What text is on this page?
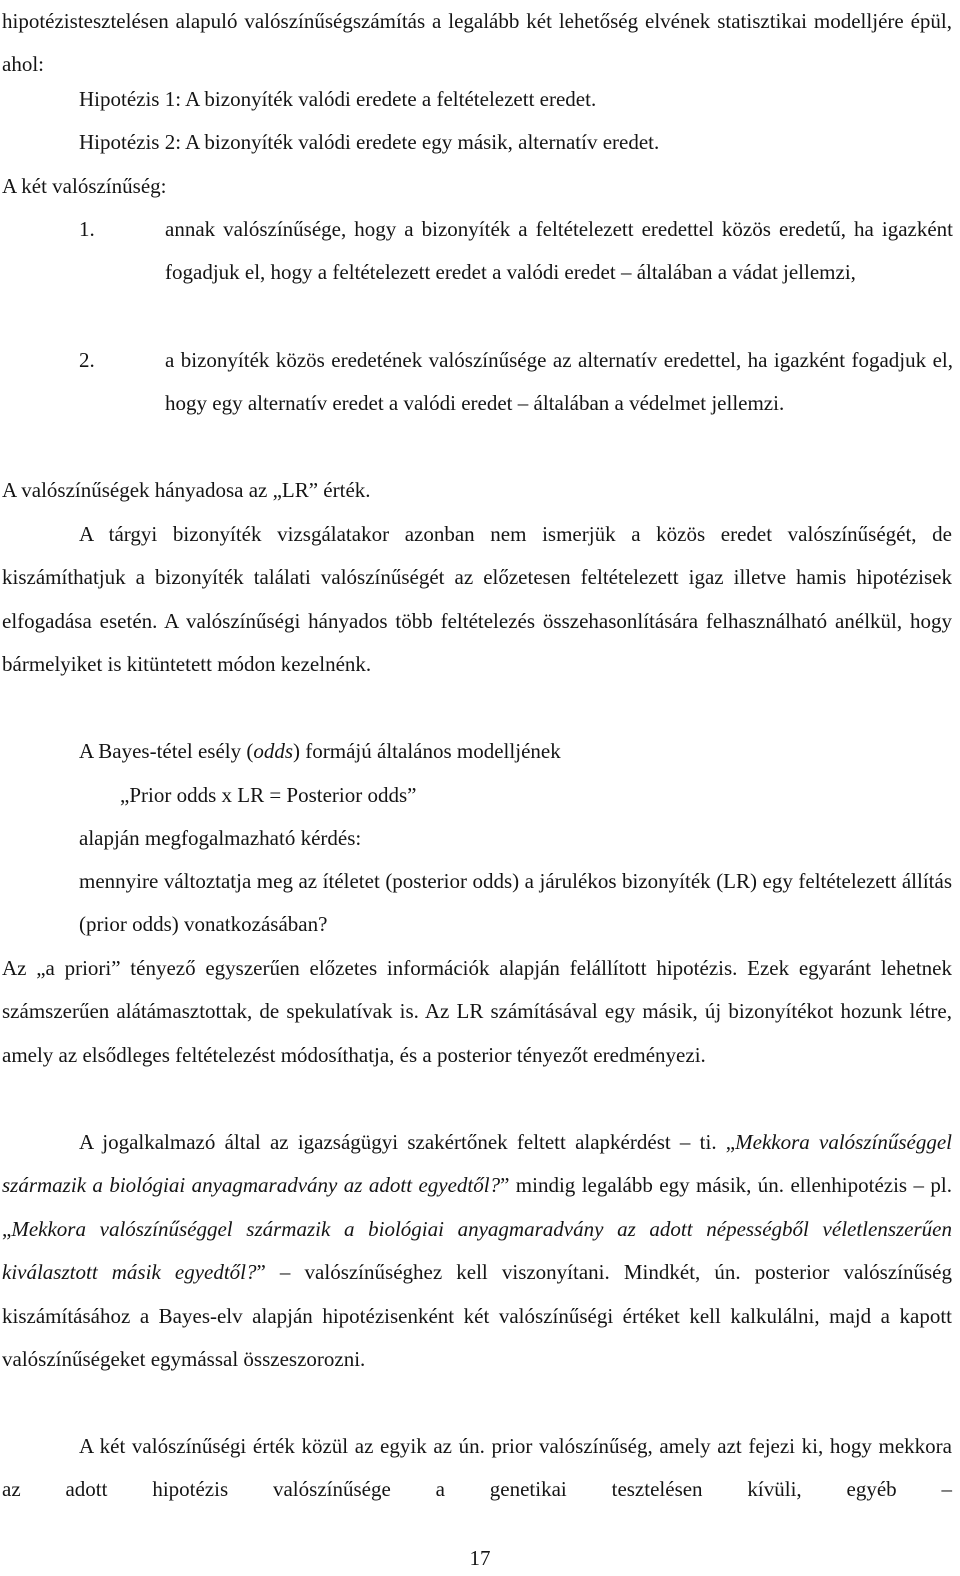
hipotézistesztelésen alapuló valószínűségszámítás a legalább két lehetőség elvének statisztikai modelljére épül, ahol:

Hipotézis 1: A bizonyíték valódi eredete a feltételezett eredet.

Hipotézis 2: A bizonyíték valódi eredete egy másik, alternatív eredet.

A két valószínűség:

1.	annak valószínűsége, hogy a bizonyíték a feltételezett eredettel közös eredetű, ha igazként fogadjuk el, hogy a feltételezett eredet a valódi eredet – általában a vádat jellemzi,
2.	a bizonyíték közös eredetének valószínűsége az alternatív eredettel, ha igazként fogadjuk el, hogy egy alternatív eredet a valódi eredet – általában a védelmet jellemzi.

A valószínűségek hányadosa az „LR” érték.

A tárgyi bizonyíték vizsgálatakor azonban nem ismerjük a közös eredet valószínűségét, de kiszámíthatjuk a bizonyíték találati valószínűségét az előzetesen feltételezett igaz illetve hamis hipotézisek elfogadása esetén. A valószínűségi hányados több feltételezés összehasonlítására felhasználható anélkül, hogy bármelyiket is kitüntetett módon kezelnénk.

A Bayes-tétel esély (odds) formájú általános modelljének

„Prior odds x LR = Posterior odds”

alapján megfogalmazható kérdés:

mennyire változtatja meg az ítéletet (posterior odds) a járulékos bizonyíték (LR) egy feltételezett állítás (prior odds) vonatkozásában?

Az „a priori” tényező egyszerűen előzetes információk alapján felállított hipotézis. Ezek egyaránt lehetnek számszerűen alátámasztottak, de spekulatívak is. Az LR számításával egy másik, új bizonyítékot hozunk létre, amely az elsődleges feltételezést módosíthatja, és a posterior tényezőt eredményezi.

A jogalkalmazó által az igazságügyi szakértőnek feltett alapkérdést – ti. „Mekkora valószínűséggel származik a biológiai anyagmaradvány az adott egyedtől?” mindig legalább egy másik, ún. ellenhipotézis – pl. „Mekkora valószínűséggel származik a biológiai anyagmaradvány az adott népességből véletlenszerűen kiválasztott másik egyedtől?” – valószínűséghez kell viszonyítani. Mindkét, ún. posterior valószínűség kiszámításához a Bayes-elv alapján hipotézisenként két valószínűségi értéket kell kalkulálni, majd a kapott valószínűségeket egymással összeszorozni.

A két valószínűségi érték közül az egyik az ún. prior valószínűség, amely azt fejezi ki, hogy mekkora az adott hipotézis valószínűsége a genetikai tesztelésen kívüli, egyéb –

17
